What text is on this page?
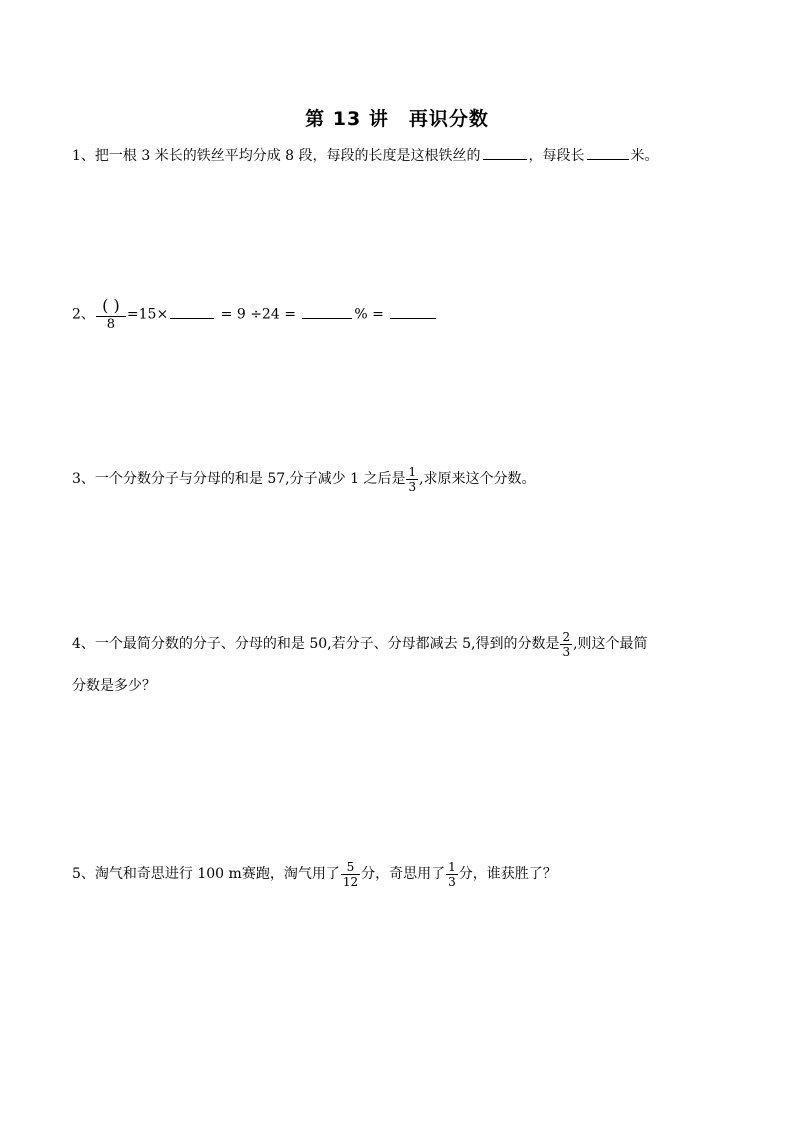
第 13 讲 再识分数
1、把一根 3 米长的铁丝平均分成 8 段，每段的长度是这根铁丝的	，每段长	米。
2、 $\frac{( )}{8} =15\times$	= 9 ÷24 =	% =
3、一个分数分子与分母的和是 57,分子减少 1 之后是 $\frac{1}{3}$ ,求原来这个分数。
4、一个最简分数的分子、分母的和是 50,若分子、分母都减去 5,得到的分数是 $\frac{2}{3}$ ,则这个最简
分数是多少？
5、淘气和奇思进行 100 m赛跑，淘气用了 $\frac{5}{12}$ 分，奇思用了 $\frac{1}{3}$ 分，谁获胜了？
